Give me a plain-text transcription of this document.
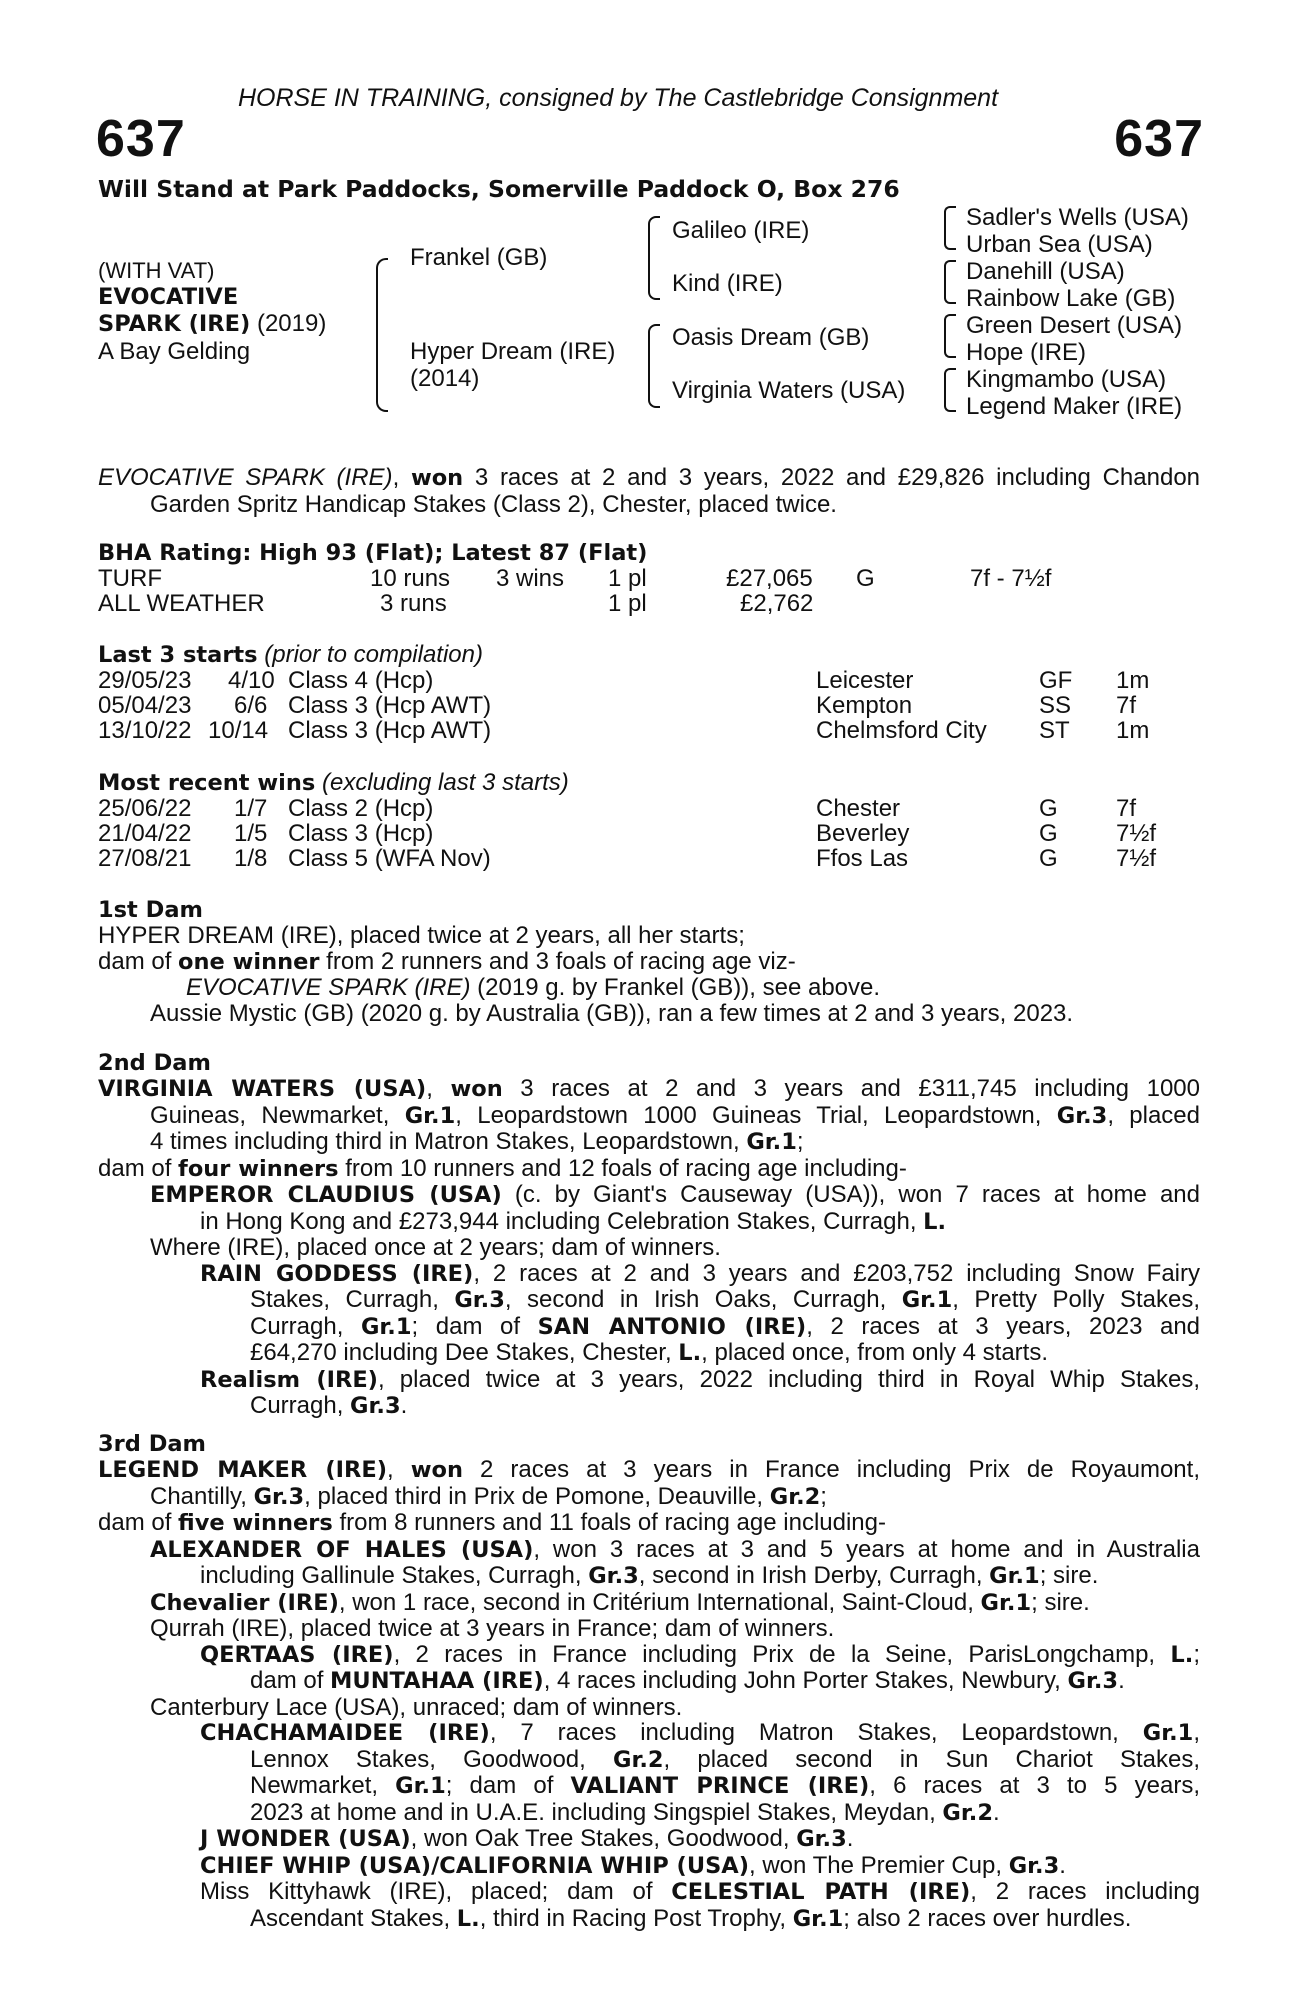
HORSE IN TRAINING, consigned by The Castlebridge Consignment
637	637
Will Stand at Park Paddocks, Somerville Paddock O, Box 276
(WITH VAT)
EVOCATIVE
SPARK (IRE) (2019)
A Bay Gelding
Frankel (GB)
Hyper Dream (IRE)
(2014)
Galileo (IRE)
Kind (IRE)
Oasis Dream (GB)
Virginia Waters (USA)
Sadler's Wells (USA)
Urban Sea (USA)
Danehill (USA)
Rainbow Lake (GB)
Green Desert (USA)
Hope (IRE)
Kingmambo (USA)
Legend Maker (IRE)
EVOCATIVE SPARK (IRE), won 3 races at 2 and 3 years, 2022 and £29,826 including Chandon
Garden Spritz Handicap Stakes (Class 2), Chester, placed twice.
BHA Rating: High 93 (Flat); Latest 87 (Flat)
TURF	10 runs 3 wins 1 pl	£27,065 G	7f - 7½f
ALL WEATHER	3 runs	1 pl	£2,762
Last 3 starts (prior to compilation)
29/05/23 4/10 Class 4 (Hcp)	Leicester	GF 1m
05/04/23 6/6 Class 3 (Hcp AWT)	Kempton	SS 7f
13/10/22 10/14 Class 3 (Hcp AWT)	Chelmsford City ST 1m
Most recent wins (excluding last 3 starts)
25/06/22 1/7 Class 2 (Hcp)	Chester	G 7f
21/04/22 1/5 Class 3 (Hcp)	Beverley	G 7½f
27/08/21 1/8 Class 5 (WFA Nov)	Ffos Las	G 7½f
1st Dam
HYPER DREAM (IRE), placed twice at 2 years, all her starts;
dam of one winner from 2 runners and 3 foals of racing age viz-
EVOCATIVE SPARK (IRE) (2019 g. by Frankel (GB)), see above.
Aussie Mystic (GB) (2020 g. by Australia (GB)), ran a few times at 2 and 3 years, 2023.
2nd Dam
VIRGINIA WATERS (USA), won 3 races at 2 and 3 years and £311,745 including 1000
Guineas, Newmarket, Gr.1, Leopardstown 1000 Guineas Trial, Leopardstown, Gr.3, placed
4 times including third in Matron Stakes, Leopardstown, Gr.1;
dam of four winners from 10 runners and 12 foals of racing age including-
EMPEROR CLAUDIUS (USA) (c. by Giant's Causeway (USA)), won 7 races at home and
in Hong Kong and £273,944 including Celebration Stakes, Curragh, L.
Where (IRE), placed once at 2 years; dam of winners.
RAIN GODDESS (IRE), 2 races at 2 and 3 years and £203,752 including Snow Fairy
Stakes, Curragh, Gr.3, second in Irish Oaks, Curragh, Gr.1, Pretty Polly Stakes,
Curragh, Gr.1; dam of SAN ANTONIO (IRE), 2 races at 3 years, 2023 and
£64,270 including Dee Stakes, Chester, L., placed once, from only 4 starts.
Realism (IRE), placed twice at 3 years, 2022 including third in Royal Whip Stakes,
Curragh, Gr.3.
3rd Dam
LEGEND MAKER (IRE), won 2 races at 3 years in France including Prix de Royaumont,
Chantilly, Gr.3, placed third in Prix de Pomone, Deauville, Gr.2;
dam of five winners from 8 runners and 11 foals of racing age including-
ALEXANDER OF HALES (USA), won 3 races at 3 and 5 years at home and in Australia
including Gallinule Stakes, Curragh, Gr.3, second in Irish Derby, Curragh, Gr.1; sire.
Chevalier (IRE), won 1 race, second in Critérium International, Saint-Cloud, Gr.1; sire.
Qurrah (IRE), placed twice at 3 years in France; dam of winners.
QERTAAS (IRE), 2 races in France including Prix de la Seine, ParisLongchamp, L.;
dam of MUNTAHAA (IRE), 4 races including John Porter Stakes, Newbury, Gr.3.
Canterbury Lace (USA), unraced; dam of winners.
CHACHAMAIDEE (IRE), 7 races including Matron Stakes, Leopardstown, Gr.1,
Lennox Stakes, Goodwood, Gr.2, placed second in Sun Chariot Stakes,
Newmarket, Gr.1; dam of VALIANT PRINCE (IRE), 6 races at 3 to 5 years,
2023 at home and in U.A.E. including Singspiel Stakes, Meydan, Gr.2.
J WONDER (USA), won Oak Tree Stakes, Goodwood, Gr.3.
CHIEF WHIP (USA)/CALIFORNIA WHIP (USA), won The Premier Cup, Gr.3.
Miss Kittyhawk (IRE), placed; dam of CELESTIAL PATH (IRE), 2 races including
Ascendant Stakes, L., third in Racing Post Trophy, Gr.1; also 2 races over hurdles.
